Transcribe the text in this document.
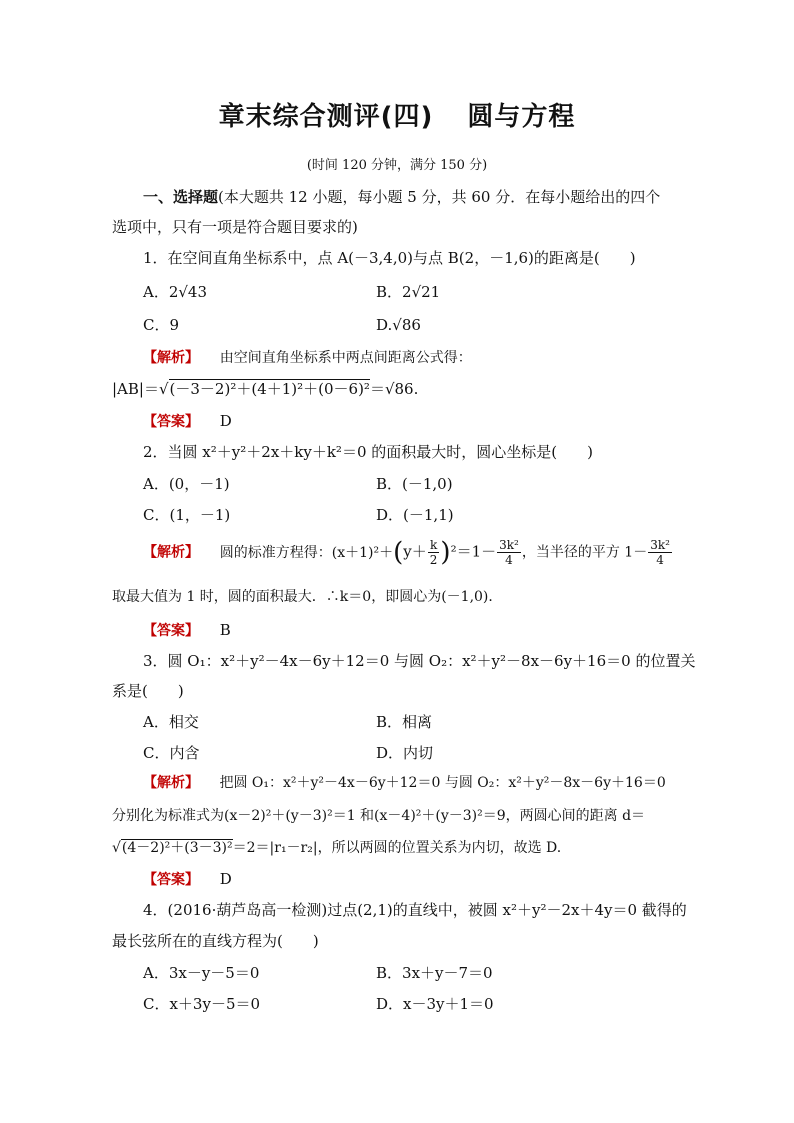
章末综合测评(四) 圆与方程
(时间 120 分钟，满分 150 分)
一、选择题(本大题共 12 小题，每小题 5 分，共 60 分．在每小题给出的四个
选项中，只有一项是符合题目要求的)
1．在空间直角坐标系中，点 A(－3,4,0)与点 B(2，－1,6)的距离是(　　)
A．2√43	B．2√21
C．9	D.√86
【解析】 由空间直角坐标系中两点间距离公式得：
|AB|＝√(－3－2)²＋(4＋1)²＋(0－6)²＝√86.
【答案】 D
2．当圆 x²＋y²＋2x＋ky＋k²＝0 的面积最大时，圆心坐标是(　　)
A．(0，－1)	B．(－1,0)
C．(1，－1)	D．(－1,1)
【解析】 圆的标准方程得：$(x+1)^2+(y+ \frac{k}{2} )^2=1- \frac{\text{3k²}}{4}$ ，当半径的平方 $1- \frac{\text{3k²}}{4}$
取最大值为 1 时，圆的面积最大．∴k＝0，即圆心为(－1,0)．
【答案】 B
3．圆 O₁：x²＋y²－4x－6y＋12＝0 与圆 O₂：x²＋y²－8x－6y＋16＝0 的位置关
系是(　　)
A．相交	B．相离
C．内含	D．内切
【解析】 把圆 O₁：x²＋y²－4x－6y＋12＝0 与圆 O₂：x²＋y²－8x－6y＋16＝0
分别化为标准式为(x－2)²＋(y－3)²＝1 和(x－4)²＋(y－3)²＝9，两圆心间的距离 d＝
√(4－2)²＋(3－3)²＝2＝|r₁－r₂|，所以两圆的位置关系为内切，故选 D.
【答案】 D
4．(2016·葫芦岛高一检测)过点(2,1)的直线中，被圆 x²＋y²－2x＋4y＝0 截得的
最长弦所在的直线方程为(　　)
A．3x－y－5＝0	B．3x＋y－7＝0
C．x＋3y－5＝0	D．x－3y＋1＝0
